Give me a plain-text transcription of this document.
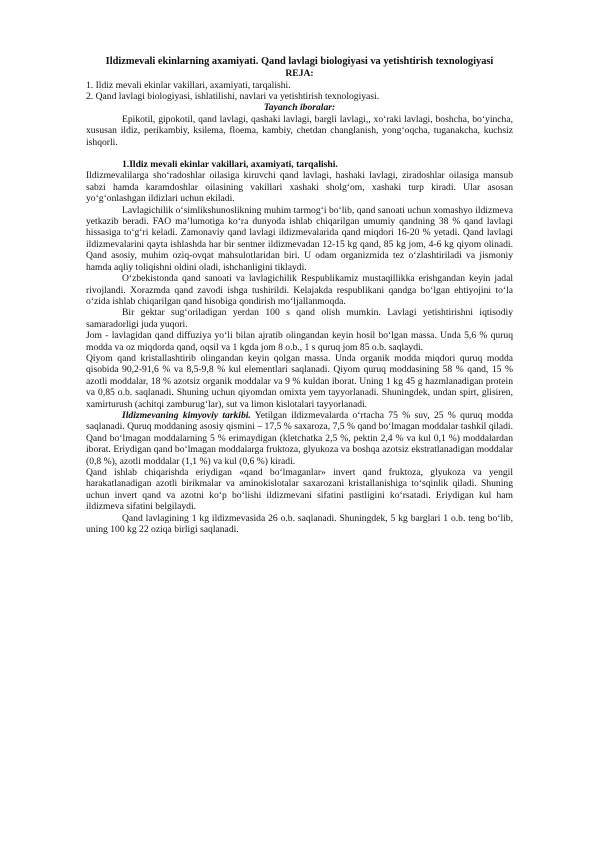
Ildizmevali ekinlarning axamiyati. Qand lavlagi biologiyasi va yetishtirish texnologiyasi

REJA:

1. Ildiz mevali ekinlar vakillari, axamiyati, tarqalishi.

2. Qand lavlagi biologiyasi, ishlatilishi, navlari va yetishtirish texnologiyasi.

Tayanch iboralar:

Epikotil, gipokotil, qand lavlagi, qashaki lavlagi, bargli lavlagi,, xo‘raki lavlagi, boshcha, bo‘yincha, xususan ildiz, perikambiy, ksilema, floema, kambiy, chetdan changlanish, yong‘oqcha, tuganakcha, kuchsiz ishqorli.

1.Ildiz mevali ekinlar vakillari, axamiyati, tarqalishi.

Ildizmevalilarga sho‘radoshlar oilasiga kiruvchi qand lavlagi, hashaki lavlagi, ziradoshlar oilasiga mansub sabzi hamda karamdoshlar oilasining vakillari xashaki sholg‘om, xashaki turp kiradi. Ular asosan yo‘g‘onlashgan ildizlari uchun ekiladi.

Lavlagichilik o‘simlikshunoslikning muhim tarmog‘i bo‘lib, qand sanoati uchun xomashyo ildizmeva yetkazib beradi. FAO ma’lumotiga ko‘ra dunyoda ishlab chiqarilgan umumiy qandning 38 % qand lavlagi hissasiga to‘g‘ri keladi. Zamonaviy qand lavlagi ildizmevalarida qand miqdori 16-20 % yetadi. Qand lavlagi ildizmevalarini qayta ishlashda har bir sentner ildizmevadan 12-15 kg qand, 85 kg jom, 4-6 kg qiyom olinadi. Qand asosiy, muhim oziq-ovqat mahsulotlaridan biri. U odam organizmida tez o‘zlashtiriladi va jismoniy hamda aqliy toliqishni oldini oladi, ishchanligini tiklaydi.

O‘zbekistonda qand sanoati va lavlagichilik Respublikamiz mustaqillikka erishgandan keyin jadal rivojlandi. Xorazmda qand zavodi ishga tushirildi. Kelajakda respublikani qandga bo‘lgan ehtiyojini to‘la o‘zida ishlab chiqarilgan qand hisobiga qondirish mo‘ljallanmoqda.

Bir gektar sug‘oriladigan yerdan 100 s qand olish mumkin. Lavlagi yetishtirishni iqtisodiy samaradorligi juda yuqori.

Jom - lavlagidan qand diffuziya yo‘li bilan ajratib olingandan keyin hosil bo‘lgan massa. Unda 5,6 % quruq modda va oz miqdorda qand, oqsil va 1 kgda jom 8 o.b., 1 s quruq jom 85 o.b. saqlaydi.

Qiyom qand kristallashtirib olingandan keyin qolgan massa. Unda organik modda miqdori quruq modda qisobida 90,2-91,6 % va 8,5-9,8 % kul elementlari saqlanadi. Qiyom quruq moddasining 58 % qand, 15 % azotli moddalar, 18 % azotsiz organik moddalar va 9 % kuldan iborat. Uning 1 kg 45 g hazmlanadigan protein va 0,85 o.b. saqlanadi. Shuning uchun qiyomdan omixta yem tayyorlanadi. Shuningdek, undan spirt, glisiren, xamirturush (achitqi zamburug‘lar), sut va limon kislotalari tayyorlanadi.

Ildizmevaning kimyoviy tarkibi. Yetilgan ildizmevalarda o‘rtacha 75 % suv, 25 % quruq modda saqlanadi. Quruq moddaning asosiy qismini – 17,5 % saxaroza, 7,5 % qand bo‘lmagan moddalar tashkil qiladi. Qand bo‘lmagan moddalarning 5 % erimaydigan (kletchatka 2,5 %, pektin 2,4 % va kul 0,1 %) moddalardan iborat. Eriydigan qand bo‘lmagan moddalarga fruktoza, glyukoza va boshqa azotsiz ekstratlanadigan moddalar (0,8 %), azotli moddalar (1,1 %) va kul (0,6 %) kiradi.

Qand ishlab chiqarishda eriydigan «qand bo‘lmaganlar» invert qand fruktoza, glyukoza va yengil harakatlanadigan azotli birikmalar va aminokislotalar saxarozani kristallanishiga to‘sqinlik qiladi. Shuning uchun invert qand va azotni ko‘p bo‘lishi ildizmevani sifatini pastligini ko‘rsatadi. Eriydigan kul ham ildizmeva sifatini belgilaydi.

Qand lavlagining 1 kg ildizmevasida 26 o.b. saqlanadi. Shuningdek, 5 kg barglari 1 o.b. teng bo‘lib, uning 100 kg 22 oziqa birligi saqlanadi.
